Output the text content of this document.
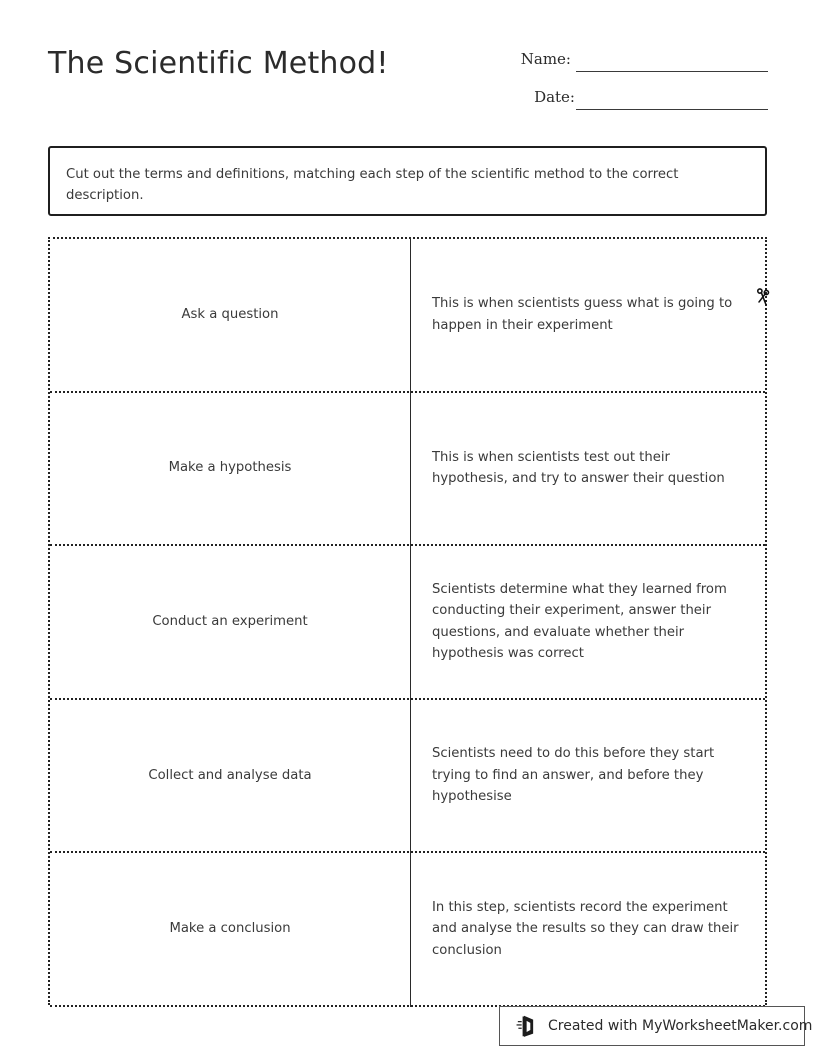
The Scientific Method!	Name:
Date:
Cut out the terms and definitions, matching each step of the scientific method to the correct description.
Ask a question
This is when scientists guess what is going to happen in their experiment
Make a hypothesis
This is when scientists test out their hypothesis, and try to answer their question
Conduct an experiment
Scientists determine what they learned from conducting their experiment, answer their questions, and evaluate whether their hypothesis was correct
Collect and analyse data
Scientists need to do this before they start trying to find an answer, and before they hypothesise
Make a conclusion
In this step, scientists record the experiment and analyse the results so they can draw their conclusion
Created with MyWorksheetMaker.com
